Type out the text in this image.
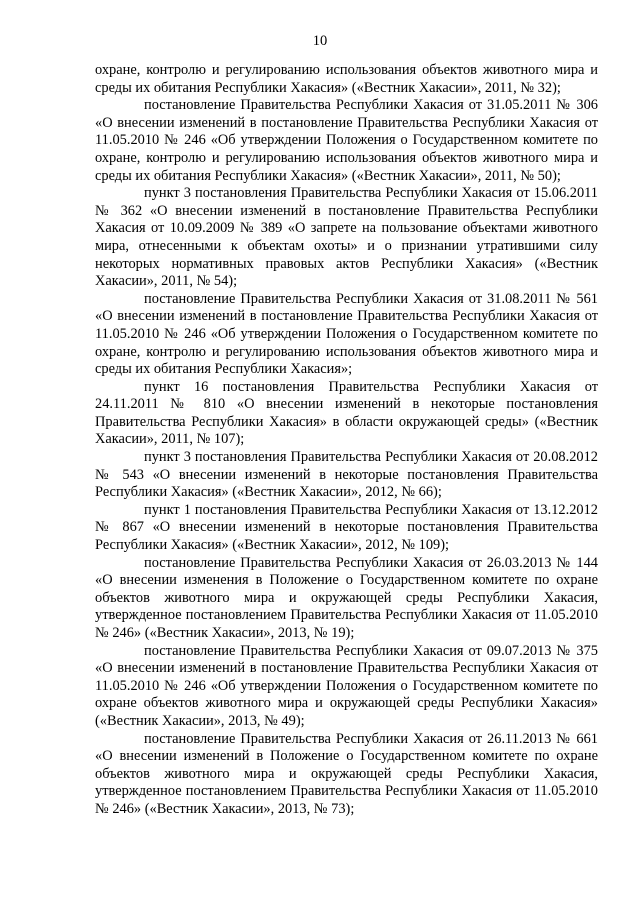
10

охране, контролю и регулированию использования объектов животного мира и среды их обитания Республики Хакасия» («Вестник Хакасии», 2011, № 32);

постановление Правительства Республики Хакасия от 31.05.2011 № 306 «О внесении изменений в постановление Правительства Республики Хакасия от 11.05.2010 № 246 «Об утверждении Положения о Государственном комитете по охране, контролю и регулированию использования объектов животного мира и среды их обитания Республики Хакасия» («Вестник Хакасии», 2011, № 50);

пункт 3 постановления Правительства Республики Хакасия от 15.06.2011 № 362 «О внесении изменений в постановление Правительства Республики Хакасия от 10.09.2009 № 389 «О запрете на пользование объектами животного мира, отнесенными к объектам охоты» и о признании утратившими силу некоторых нормативных правовых актов Республики Хакасия» («Вестник Хакасии», 2011, № 54);

постановление Правительства Республики Хакасия от 31.08.2011 № 561 «О внесении изменений в постановление Правительства Республики Хакасия от 11.05.2010 № 246 «Об утверждении Положения о Государственном комитете по охране, контролю и регулированию использования объектов животного мира и среды их обитания Республики Хакасия»;

пункт 16 постановления Правительства Республики Хакасия от 24.11.2011 № 810 «О внесении изменений в некоторые постановления Правительства Республики Хакасия» в области окружающей среды» («Вестник Хакасии», 2011, № 107);

пункт 3 постановления Правительства Республики Хакасия от 20.08.2012 № 543 «О внесении изменений в некоторые постановления Правительства Республики Хакасия» («Вестник Хакасии», 2012, № 66);

пункт 1 постановления Правительства Республики Хакасия от 13.12.2012 № 867 «О внесении изменений в некоторые постановления Правительства Республики Хакасия» («Вестник Хакасии», 2012, № 109);

постановление Правительства Республики Хакасия от 26.03.2013 № 144 «О внесении изменения в Положение о Государственном комитете по охране объектов животного мира и окружающей среды Республики Хакасия, утвержденное постановлением Правительства Республики Хакасия от 11.05.2010 № 246» («Вестник Хакасии», 2013, № 19);

постановление Правительства Республики Хакасия от 09.07.2013 № 375 «О внесении изменений в постановление Правительства Республики Хакасия от 11.05.2010 № 246 «Об утверждении Положения о Государственном комитете по охране объектов животного мира и окружающей среды Республики Хакасия» («Вестник Хакасии», 2013, № 49);

постановление Правительства Республики Хакасия от 26.11.2013 № 661 «О внесении изменений в Положение о Государственном комитете по охране объектов животного мира и окружающей среды Республики Хакасия, утвержденное постановлением Правительства Республики Хакасия от 11.05.2010 № 246» («Вестник Хакасии», 2013, № 73);
